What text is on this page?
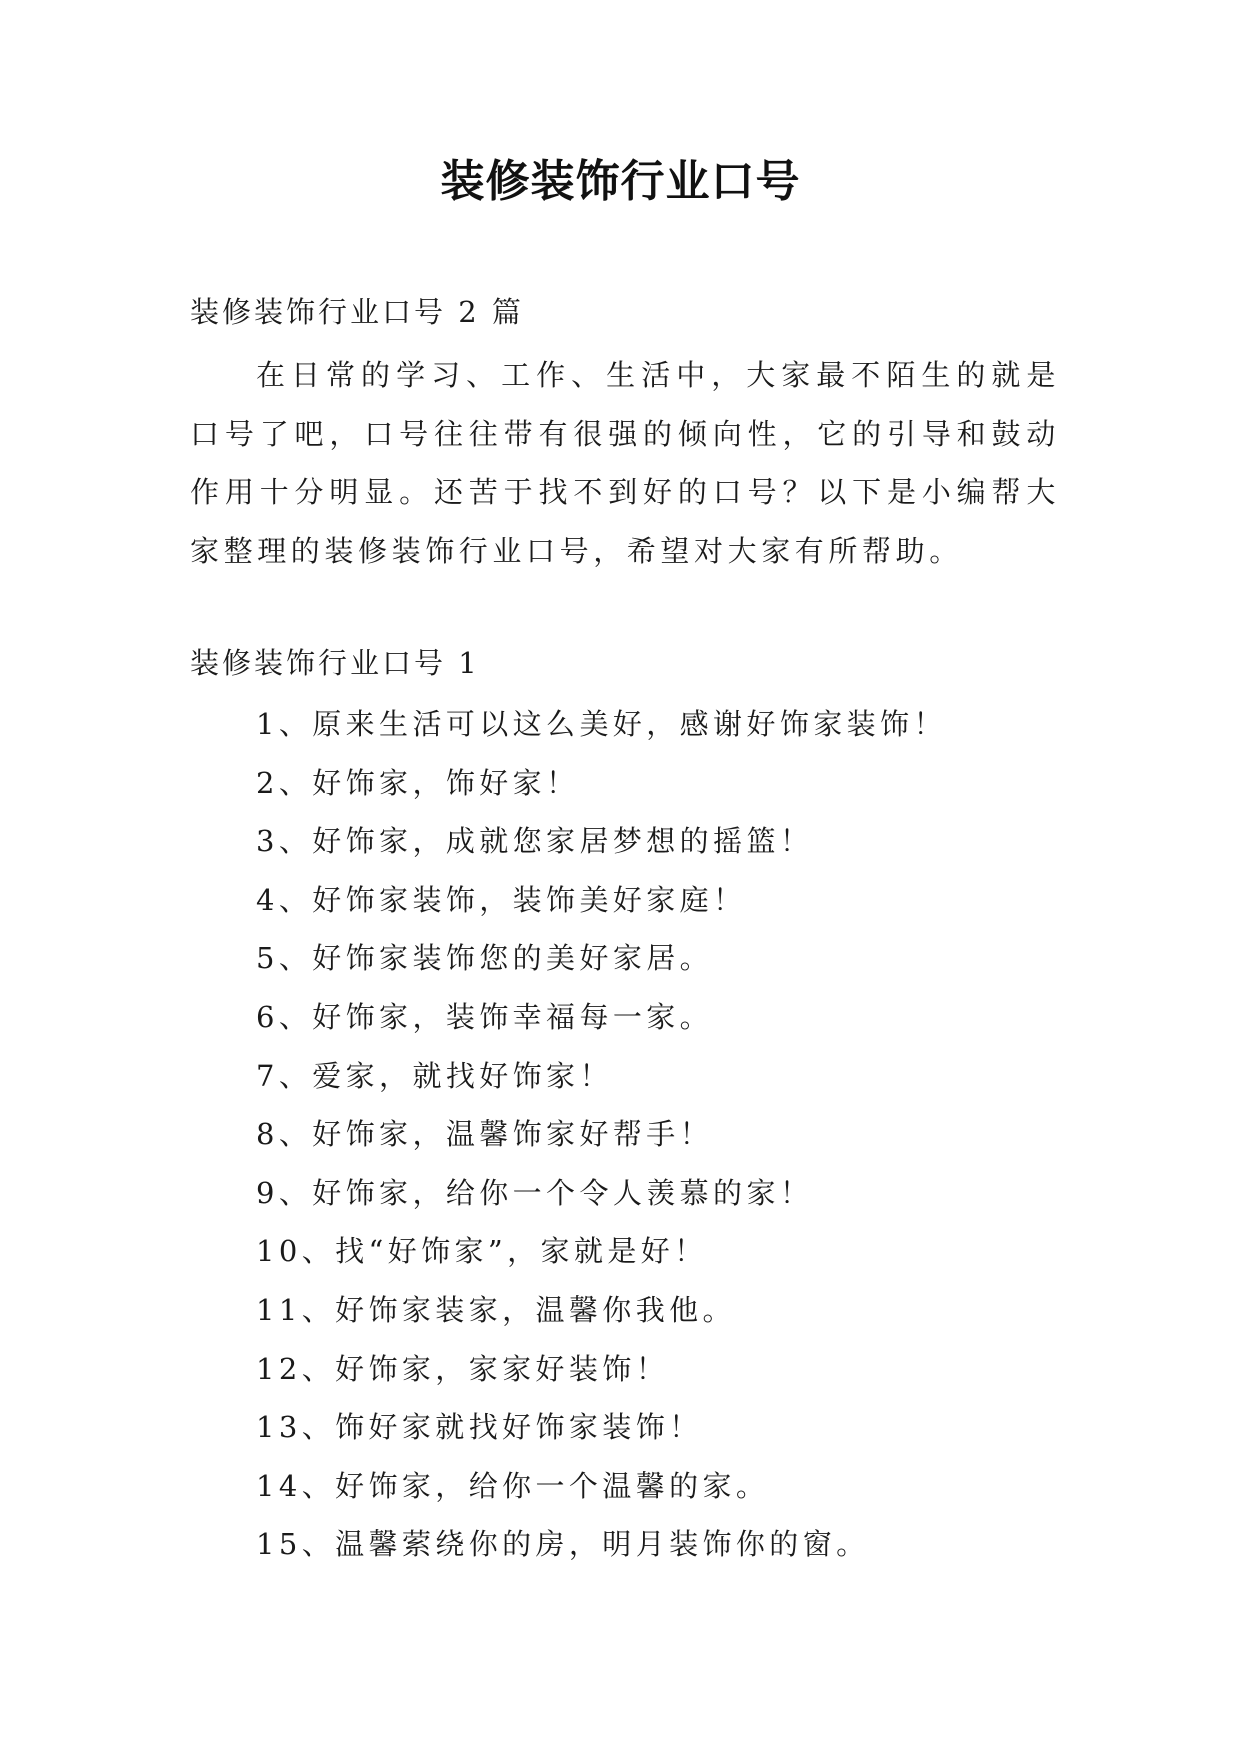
装修装饰行业口号
装修装饰行业口号 2 篇

在日常的学习、工作、生活中，大家最不陌生的就是口号了吧，口号往往带有很强的倾向性，它的引导和鼓动作用十分明显。还苦于找不到好的口号？以下是小编帮大家整理的装修装饰行业口号，希望对大家有所帮助。

装修装饰行业口号 1
1、原来生活可以这么美好，感谢好饰家装饰！
2、好饰家，饰好家！
3、好饰家，成就您家居梦想的摇篮！
4、好饰家装饰，装饰美好家庭！
5、好饰家装饰您的美好家居。
6、好饰家，装饰幸福每一家。
7、爱家，就找好饰家！
8、好饰家，温馨饰家好帮手！
9、好饰家，给你一个令人羡慕的家！
10、找“好饰家”，家就是好！
11、好饰家装家，温馨你我他。
12、好饰家，家家好装饰！
13、饰好家就找好饰家装饰！
14、好饰家，给你一个温馨的家。
15、温馨萦绕你的房，明月装饰你的窗。
